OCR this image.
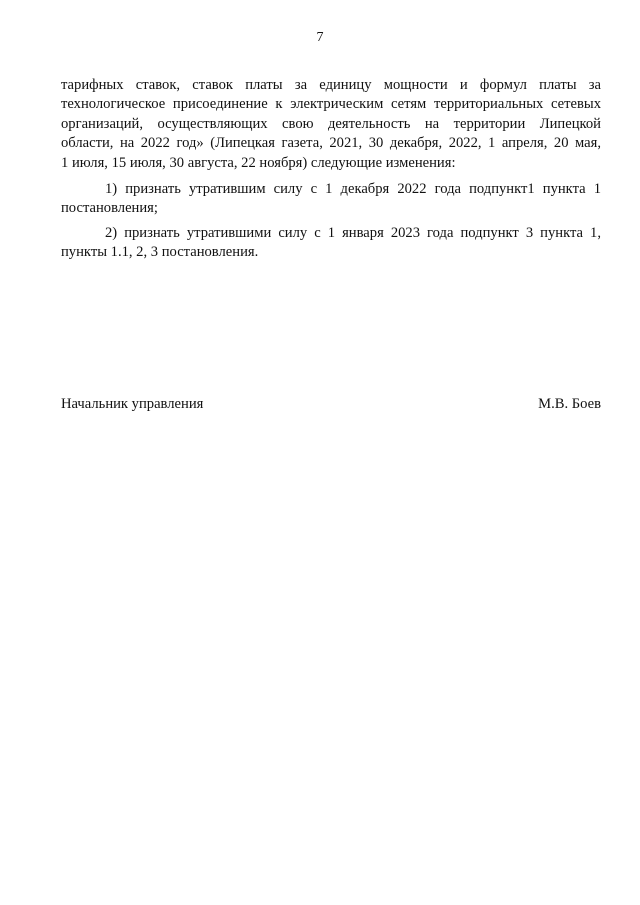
7
тарифных ставок, ставок платы за единицу мощности и формул платы за
технологическое присоединение к электрическим сетям территориальных сетевых
организаций, осуществляющих свою деятельность на территории Липецкой
области, на 2022 год» (Липецкая газета, 2021, 30 декабря, 2022, 1 апреля, 20 мая,
1 июля, 15 июля, 30 августа, 22 ноября) следующие изменения:
1) признать утратившим силу с 1 декабря 2022 года подпункт1 пункта 1
постановления;
2) признать утратившими силу с 1 января 2023 года подпункт 3 пункта 1,
пункты 1.1, 2, 3 постановления.
Начальник управления	М.В. Боев
